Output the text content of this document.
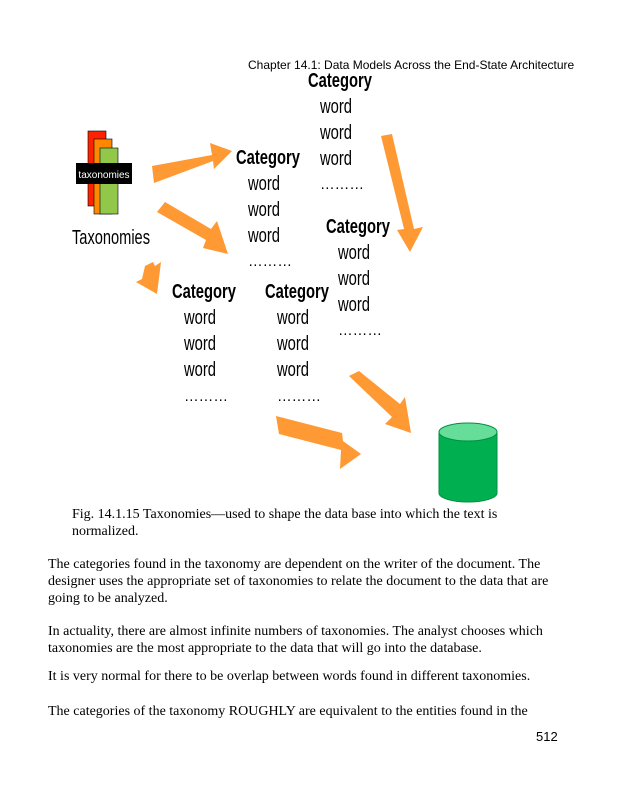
Chapter 14.1: Data Models Across the End-State Architecture
taxonomies
Taxonomies
Category
word
word
word
………
Category
word
word
word
………
Category
word
word
word
………
Category
word
word
word
………
Category
word
word
word
………
Fig. 14.1.15 Taxonomies—used to shape the data base into which the text is normalized.

The categories found in the taxonomy are dependent on the writer of the document. The designer uses the appropriate set of taxonomies to relate the document to the data that are going to be analyzed.

In actuality, there are almost infinite numbers of taxonomies. The analyst chooses which taxonomies are the most appropriate to the data that will go into the database.

It is very normal for there to be overlap between words found in different taxonomies.

The categories of the taxonomy ROUGHLY are equivalent to the entities found in the

512
